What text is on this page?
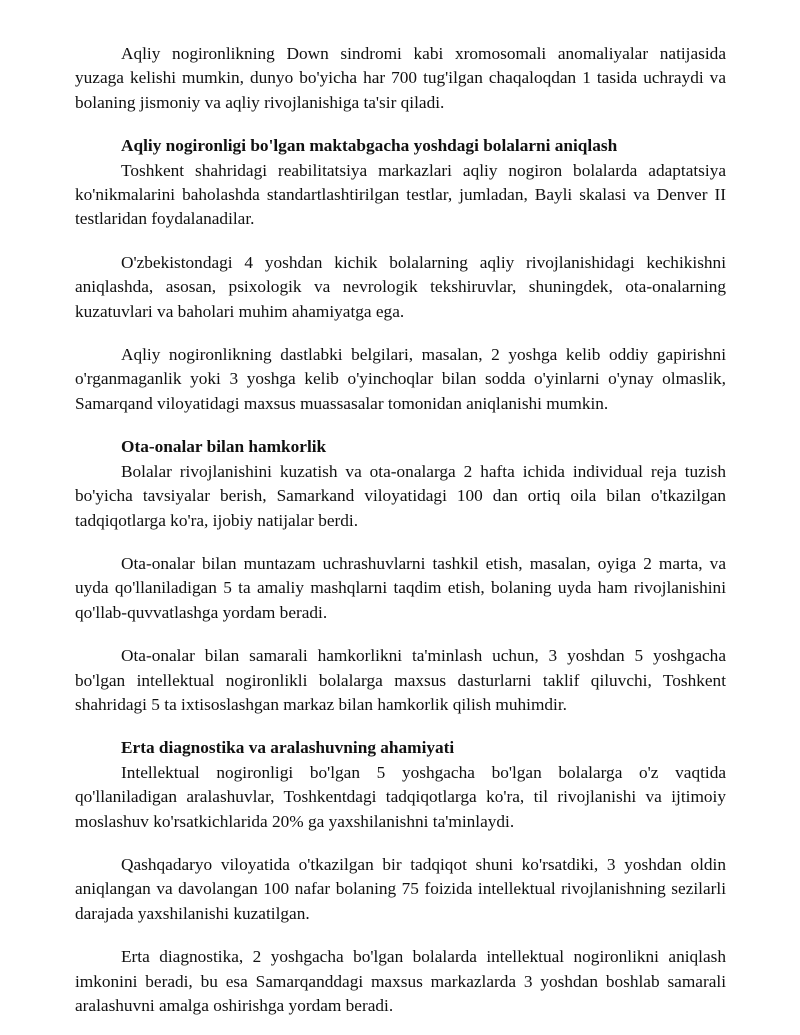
Aqliy nogironlikning Down sindromi kabi xromosomali anomaliyalar natijasida yuzaga kelishi mumkin, dunyo bo'yicha har 700 tug'ilgan chaqaloqdan 1 tasida uchraydi va bolaning jismoniy va aqliy rivojlanishiga ta'sir qiladi.

Aqliy nogironligi bo'lgan maktabgacha yoshdagi bolalarni aniqlash

Toshkent shahridagi reabilitatsiya markazlari aqliy nogiron bolalarda adaptatsiya ko'nikmalarini baholashda standartlashtirilgan testlar, jumladan, Bayli skalasi va Denver II testlaridan foydalanadilar.

O'zbekistondagi 4 yoshdan kichik bolalarning aqliy rivojlanishidagi kechikishni aniqlashda, asosan, psixologik va nevrologik tekshiruvlar, shuningdek, ota-onalarning kuzatuvlari va baholari muhim ahamiyatga ega.

Aqliy nogironlikning dastlabki belgilari, masalan, 2 yoshga kelib oddiy gapirishni o'rganmaganlik yoki 3 yoshga kelib o'yinchoqlar bilan sodda o'yinlarni o'ynay olmaslik, Samarqand viloyatidagi maxsus muassasalar tomonidan aniqlanishi mumkin.

Ota-onalar bilan hamkorlik

Bolalar rivojlanishini kuzatish va ota-onalarga 2 hafta ichida individual reja tuzish bo'yicha tavsiyalar berish, Samarkand viloyatidagi 100 dan ortiq oila bilan o'tkazilgan tadqiqotlarga ko'ra, ijobiy natijalar berdi.

Ota-onalar bilan muntazam uchrashuvlarni tashkil etish, masalan, oyiga 2 marta, va uyda qo'llaniladigan 5 ta amaliy mashqlarni taqdim etish, bolaning uyda ham rivojlanishini qo'llab-quvvatlashga yordam beradi.

Ota-onalar bilan samarali hamkorlikni ta'minlash uchun, 3 yoshdan 5 yoshgacha bo'lgan intellektual nogironlikli bolalarga maxsus dasturlarni taklif qiluvchi, Toshkent shahridagi 5 ta ixtisoslashgan markaz bilan hamkorlik qilish muhimdir.

Erta diagnostika va aralashuvning ahamiyati

Intellektual nogironligi bo'lgan 5 yoshgacha bo'lgan bolalarga o'z vaqtida qo'llaniladigan aralashuvlar, Toshkentdagi tadqiqotlarga ko'ra, til rivojlanishi va ijtimoiy moslashuv ko'rsatkichlarida 20% ga yaxshilanishni ta'minlaydi.

Qashqadaryo viloyatida o'tkazilgan bir tadqiqot shuni ko'rsatdiki, 3 yoshdan oldin aniqlangan va davolangan 100 nafar bolaning 75 foizida intellektual rivojlanishning sezilarli darajada yaxshilanishi kuzatilgan.

Erta diagnostika, 2 yoshgacha bo'lgan bolalarda intellektual nogironlikni aniqlash imkonini beradi, bu esa Samarqanddagi maxsus markazlarda 3 yoshdan boshlab samarali aralashuvni amalga oshirishga yordam beradi.
